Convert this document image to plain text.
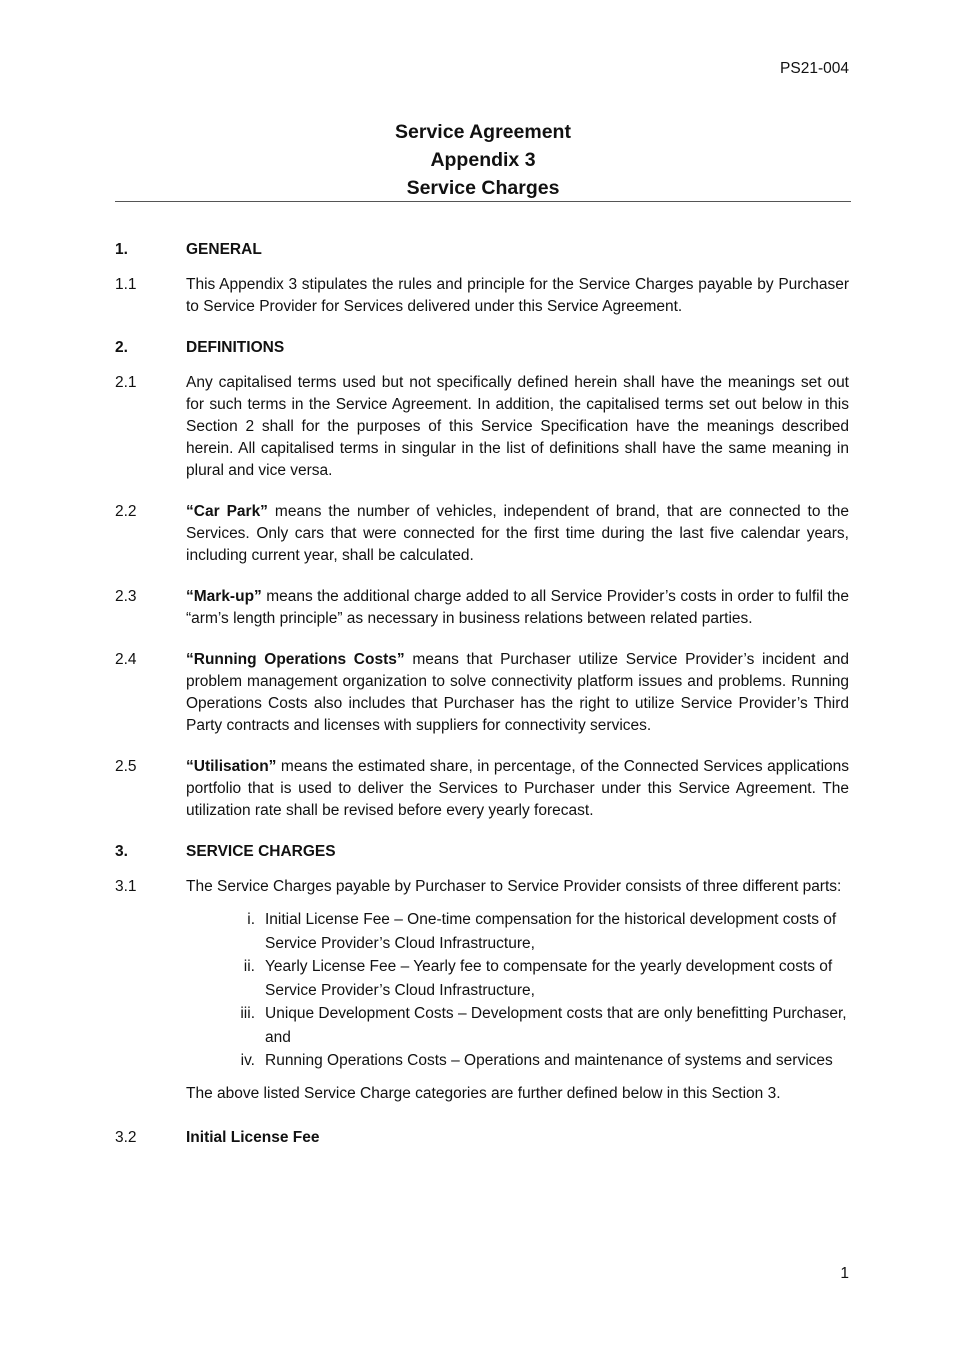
PS21-004
Service Agreement
Appendix 3
Service Charges
1.	GENERAL
1.1	This Appendix 3 stipulates the rules and principle for the Service Charges payable by Purchaser to Service Provider for Services delivered under this Service Agreement.
2.	DEFINITIONS
2.1	Any capitalised terms used but not specifically defined herein shall have the meanings set out for such terms in the Service Agreement. In addition, the capitalised terms set out below in this Section 2 shall for the purposes of this Service Specification have the meanings described herein. All capitalised terms in singular in the list of definitions shall have the same meaning in plural and vice versa.
2.2	“Car Park” means the number of vehicles, independent of brand, that are connected to the Services. Only cars that were connected for the first time during the last five calendar years, including current year, shall be calculated.
2.3	“Mark-up” means the additional charge added to all Service Provider’s costs in order to fulfil the “arm’s length principle” as necessary in business relations between related parties.
2.4	“Running Operations Costs” means that Purchaser utilize Service Provider’s incident and problem management organization to solve connectivity platform issues and problems. Running Operations Costs also includes that Purchaser has the right to utilize Service Provider’s Third Party contracts and licenses with suppliers for connectivity services.
2.5	“Utilisation” means the estimated share, in percentage, of the Connected Services applications portfolio that is used to deliver the Services to Purchaser under this Service Agreement. The utilization rate shall be revised before every yearly forecast.
3.	SERVICE CHARGES
3.1	The Service Charges payable by Purchaser to Service Provider consists of three different parts:
i. Initial License Fee – One-time compensation for the historical development costs of Service Provider’s Cloud Infrastructure,
ii. Yearly License Fee – Yearly fee to compensate for the yearly development costs of Service Provider’s Cloud Infrastructure,
iii. Unique Development Costs – Development costs that are only benefitting Purchaser, and
iv. Running Operations Costs – Operations and maintenance of systems and services
The above listed Service Charge categories are further defined below in this Section 3.
3.2	Initial License Fee
1
